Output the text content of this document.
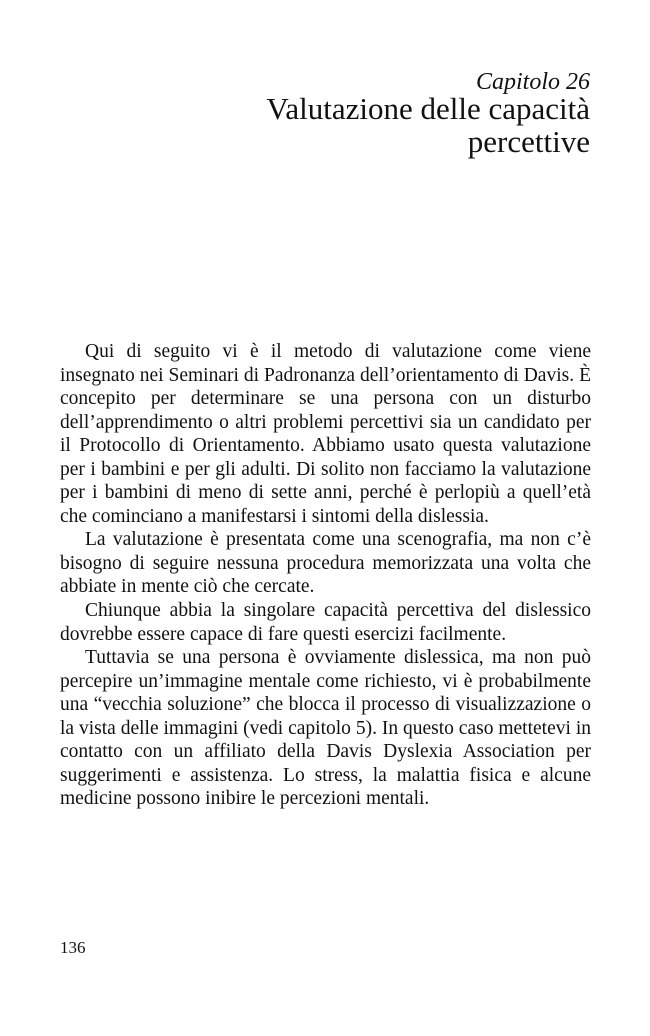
Capitolo 26

Valutazione delle capacità percettive

Qui di seguito vi è il metodo di valutazione come viene insegnato nei Seminari di Padronanza dell’orientamento di Davis. È concepito per determinare se una persona con un disturbo dell’apprendimento o altri problemi percettivi sia un candidato per il Protocollo di Orientamento. Abbiamo usato questa valutazione per i bambini e per gli adulti. Di solito non facciamo la valutazione per i bambini di meno di sette anni, perché è perlopiù a quell’età che cominciano a manifestarsi i sintomi della dislessia.

La valutazione è presentata come una scenografia, ma non c’è bisogno di seguire nessuna procedura memorizzata una volta che abbiate in mente ciò che cercate.

Chiunque abbia la singolare capacità percettiva del dislessico dovrebbe essere capace di fare questi esercizi facilmente.

Tuttavia se una persona è ovviamente dislessica, ma non può percepire un’immagine mentale come richiesto, vi è probabilmente una “vecchia soluzione” che blocca il processo di visualizzazione o la vista delle immagini (vedi capitolo 5). In questo caso mettetevi in contatto con un affiliato della Davis Dyslexia Association per suggerimenti e assistenza. Lo stress, la malattia fisica e alcune medicine possono inibire le percezioni mentali.

136
